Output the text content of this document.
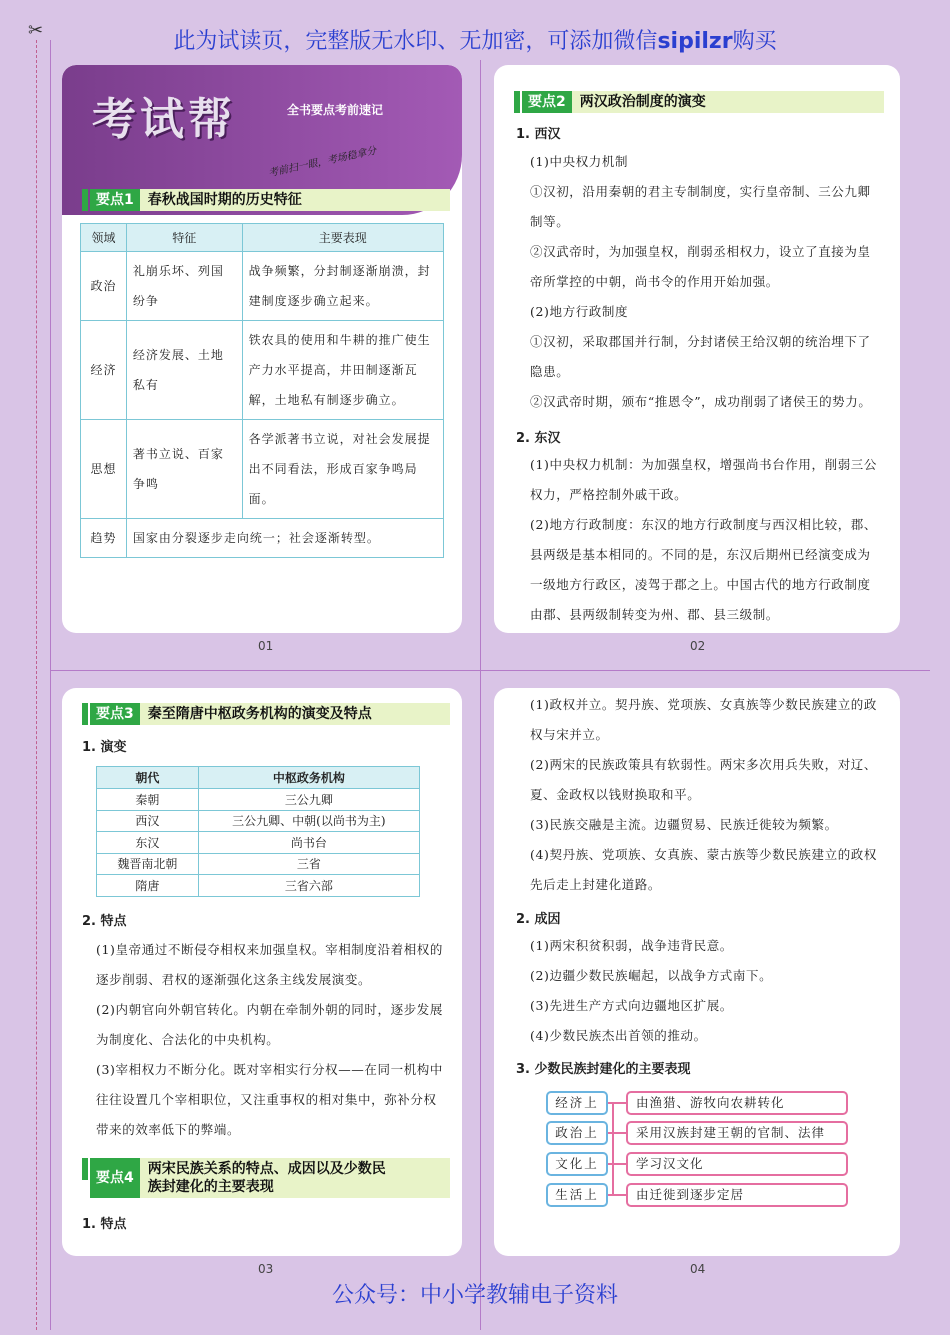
✂	此为试读页，完整版无水印、无加密，可添加微信sipilzr购买
考试帮	全书要点考前速记
考前扫一眼，考场稳拿分
要点1	春秋战国时期的历史特征
领域	特征	主要表现
政治	礼崩乐坏、列国纷争	战争频繁，分封制逐渐崩溃，封建制度逐步确立起来。
经济	经济发展、土地私有	铁农具的使用和牛耕的推广使生产力水平提高，井田制逐渐瓦解，土地私有制逐步确立。
思想	著书立说、百家争鸣	各学派著书立说，对社会发展提出不同看法，形成百家争鸣局面。
趋势	国家由分裂逐步走向统一；社会逐渐转型。	
01
要点2	两汉政治制度的演变
1. 西汉
(1)中央权力机制
①汉初，沿用秦朝的君主专制制度，实行皇帝制、三公九卿制等。
②汉武帝时，为加强皇权，削弱丞相权力，设立了直接为皇帝所掌控的中朝，尚书令的作用开始加强。
(2)地方行政制度
①汉初，采取郡国并行制，分封诸侯王给汉朝的统治埋下了隐患。
②汉武帝时期，颁布“推恩令”，成功削弱了诸侯王的势力。
2. 东汉
(1)中央权力机制：为加强皇权，增强尚书台作用，削弱三公权力，严格控制外戚干政。
(2)地方行政制度：东汉的地方行政制度与西汉相比较，郡、县两级是基本相同的。不同的是，东汉后期州已经演变成为一级地方行政区，凌驾于郡之上。中国古代的地方行政制度由郡、县两级制转变为州、郡、县三级制。
02
要点3	秦至隋唐中枢政务机构的演变及特点
1. 演变
朝代	中枢政务机构
秦朝	三公九卿
西汉	三公九卿、中朝(以尚书为主)
东汉	尚书台
魏晋南北朝	三省
隋唐	三省六部
2. 特点
(1)皇帝通过不断侵夺相权来加强皇权。宰相制度沿着相权的逐步削弱、君权的逐渐强化这条主线发展演变。
(2)内朝官向外朝官转化。内朝在牵制外朝的同时，逐步发展为制度化、合法化的中央机构。
(3)宰相权力不断分化。既对宰相实行分权——在同一机构中往往设置几个宰相职位，又注重事权的相对集中，弥补分权带来的效率低下的弊端。
要点4
两宋民族关系的特点、成因以及少数民
族封建化的主要表现
1. 特点
03
(1)政权并立。契丹族、党项族、女真族等少数民族建立的政权与宋并立。
(2)两宋的民族政策具有软弱性。两宋多次用兵失败，对辽、夏、金政权以钱财换取和平。
(3)民族交融是主流。边疆贸易、民族迁徙较为频繁。
(4)契丹族、党项族、女真族、蒙古族等少数民族建立的政权先后走上封建化道路。
2. 成因
(1)两宋积贫积弱，战争违背民意。
(2)边疆少数民族崛起，以战争方式南下。
(3)先进生产方式向边疆地区扩展。
(4)少数民族杰出首领的推动。
3. 少数民族封建化的主要表现
经济上	由渔猎、游牧向农耕转化
政治上	采用汉族封建王朝的官制、法律
文化上	学习汉文化
生活上	由迁徙到逐步定居
04
公众号：中小学教辅电子资料
